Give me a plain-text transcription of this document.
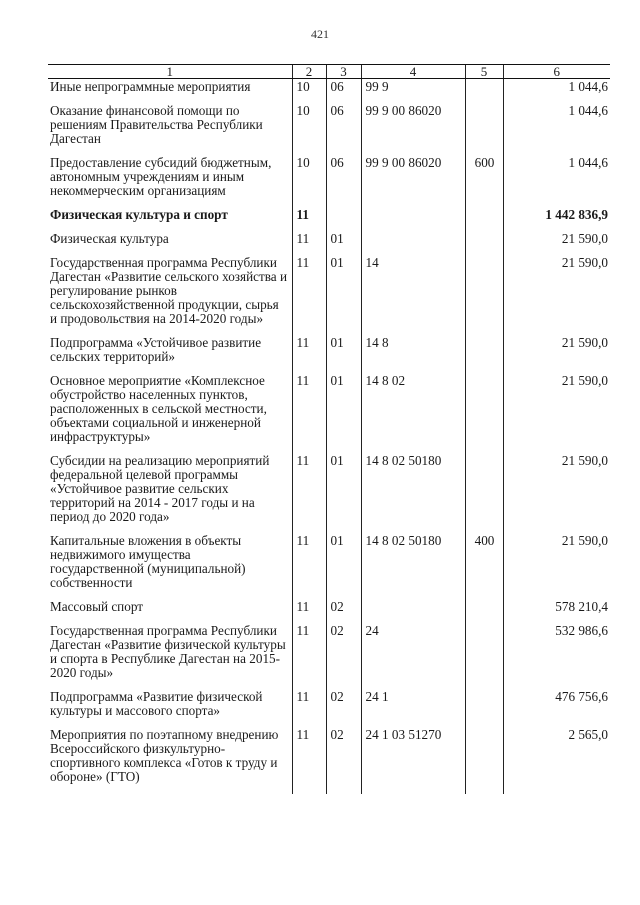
421
1	2	3	4	5	6
Иные непрограммные мероприятия	10	06	99 9		1 044,6
Оказание финансовой помощи по решениям Правительства Республики Дагестан	10	06	99 9 00 86020		1 044,6
Предоставление субсидий бюджетным, автономным учреждениям и иным некоммерческим организациям	10	06	99 9 00 86020	600	1 044,6
Физическая культура и спорт	11				1 442 836,9
Физическая культура	11	01			21 590,0
Государственная программа Республики Дагестан «Развитие сельского хозяйства и регулирование рынков сельскохозяйственной продукции, сырья и продовольствия на 2014-2020 годы»	11	01	14		21 590,0
Подпрограмма «Устойчивое развитие сельских территорий»	11	01	14 8		21 590,0
Основное мероприятие «Комплексное обустройство населенных пунктов, расположенных в сельской местности, объектами социальной и инженерной инфраструктуры»	11	01	14 8 02		21 590,0
Субсидии на реализацию мероприятий федеральной целевой программы «Устойчивое развитие сельских территорий на 2014 - 2017 годы и на период до 2020 года»	11	01	14 8 02 50180		21 590,0
Капитальные вложения в объекты недвижимого имущества государственной (муниципальной) собственности	11	01	14 8 02 50180	400	21 590,0
Массовый спорт	11	02			578 210,4
Государственная программа Республики Дагестан «Развитие физической культуры и спорта в Республике Дагестан на 2015-2020 годы»	11	02	24		532 986,6
Подпрограмма «Развитие физической культуры и массового спорта»	11	02	24 1		476 756,6
Мероприятия по поэтапному внедрению Всероссийского физкультурно-спортивного комплекса «Готов к труду и обороне» (ГТО)	11	02	24 1 03 51270		2 565,0
